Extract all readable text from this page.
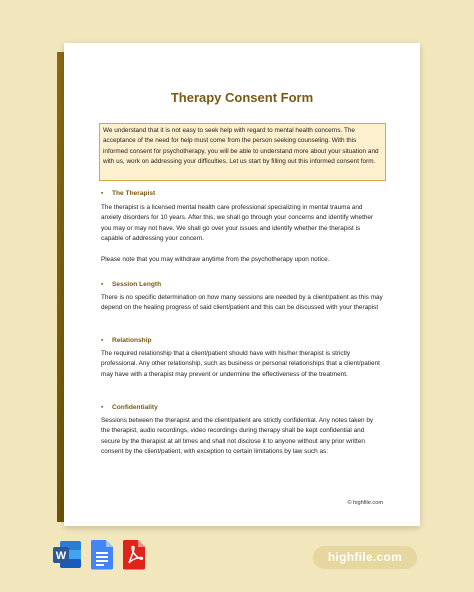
Therapy Consent Form
We understand that it is not easy to seek help with regard to mental health concerns. The acceptance of the need for help must come from the person seeking counseling. With this informed consent for psychotherapy, you will be able to understand more about your situation and with us, work on addressing your difficulties. Let us start by filling out this informed consent form.
▪ The Therapist
The therapist is a licensed mental health care professional specializing in mental trauma and anxiety disorders for 10 years. After this, we shall go through your concerns and identify whether you may or may not have. We shall go over your issues and identify whether the therapist is capable of addressing your concern.
Please note that you may withdraw anytime from the psychotherapy upon notice.
▪ Session Length
There is no specific determination on how many sessions are needed by a client/patient as this may depend on the healing progress of said client/patient and this can be discussed with your therapist
▪ Relationship
The required relationship that a client/patient should have with his/her therapist is strictly professional. Any other relationship, such as business or personal relationships that a client/patient may have with a therapist may prevent or undermine the effectiveness of the treatment.
▪ Confidentiality
Sessions between the therapist and the client/patient are strictly confidential. Any notes taken by the therapist, audio recordings, video recordings during therapy shall be kept confidential and secure by the therapist at all times and shall not disclose it to anyone without any prior written consent by the client/patient, with exception to certain limitations by law such as:
© highfile.com
W	highfile.com
